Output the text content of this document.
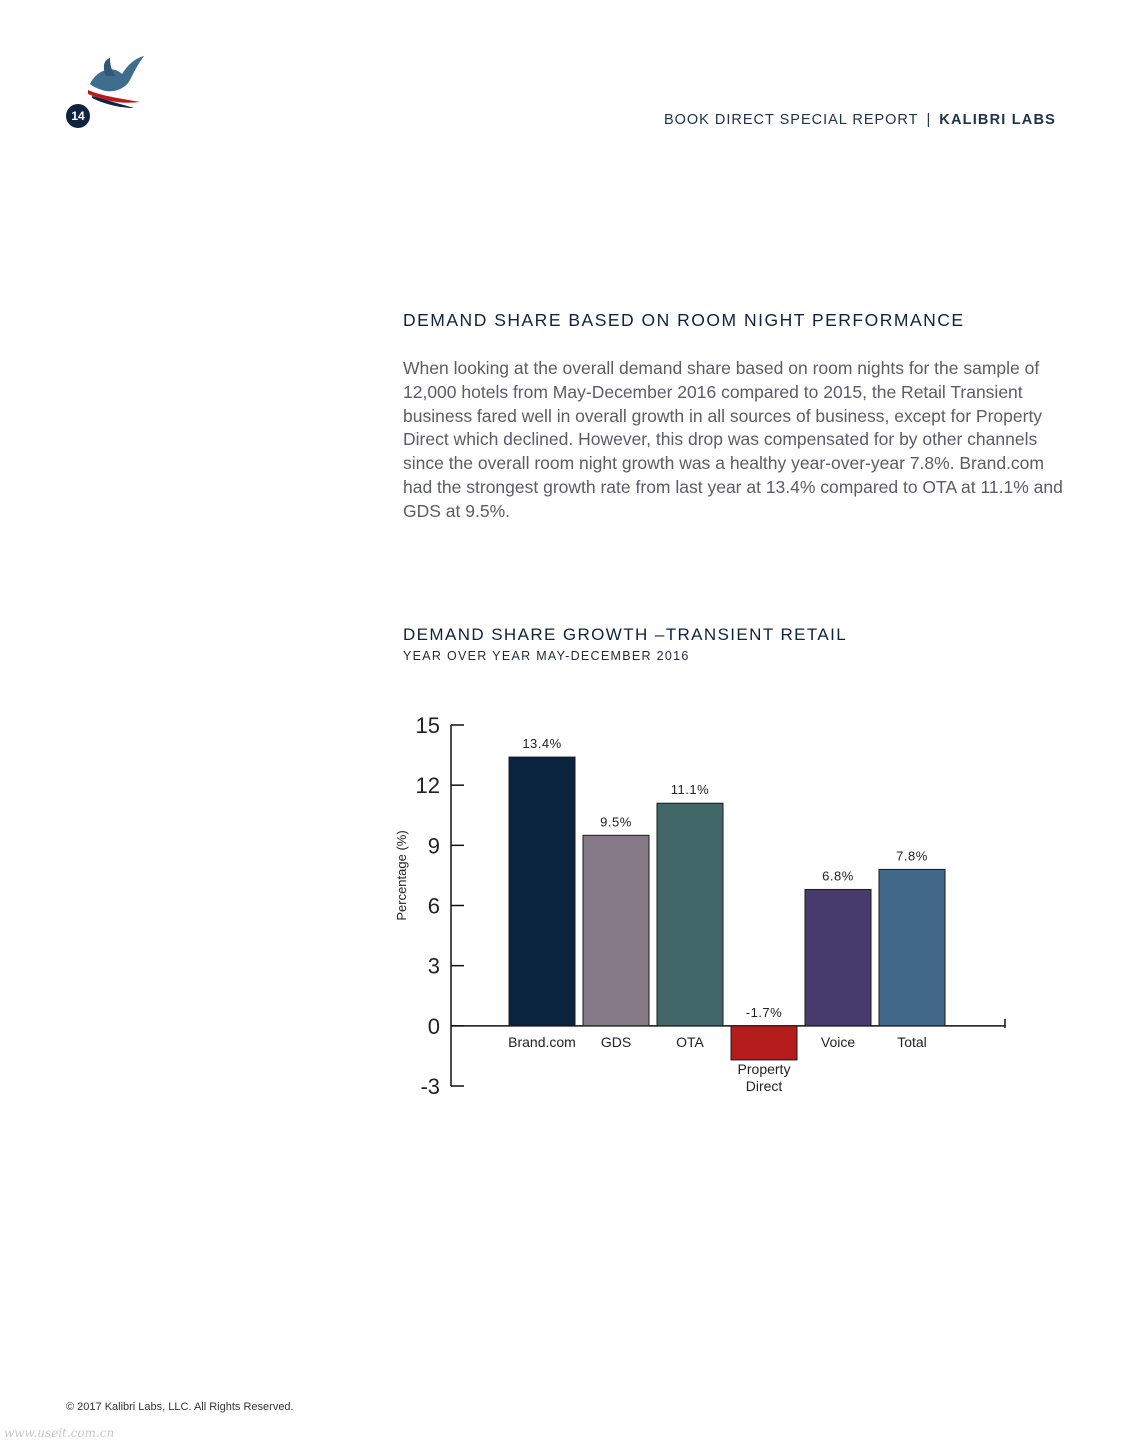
14	BOOK DIRECT SPECIAL REPORT | KALIBRI LABS
DEMAND SHARE BASED ON ROOM NIGHT PERFORMANCE

When looking at the overall demand share based on room nights for the sample of 12,000 hotels from May-December 2016 compared to 2015, the Retail Transient business fared well in overall growth in all sources of business, except for Property Direct which declined. However, this drop was compensated for by other channels since the overall room night growth was a healthy year-over-year 7.8%. Brand.com had the strongest growth rate from last year at 13.4% compared to OTA at 11.1% and GDS at 9.5%.

DEMAND SHARE GROWTH –TRANSIENT RETAIL
YEAR OVER YEAR MAY-DECEMBER 2016
15
12
9
6
3
0
-3
Percentage (%)
13.4%
Brand.com
9.5%
GDS
11.1%
OTA
-1.7%
Property Direct
6.8%
Voice
7.8%
Total
© 2017 Kalibri Labs, LLC. All Rights Reserved.
www.useit.com.cn
